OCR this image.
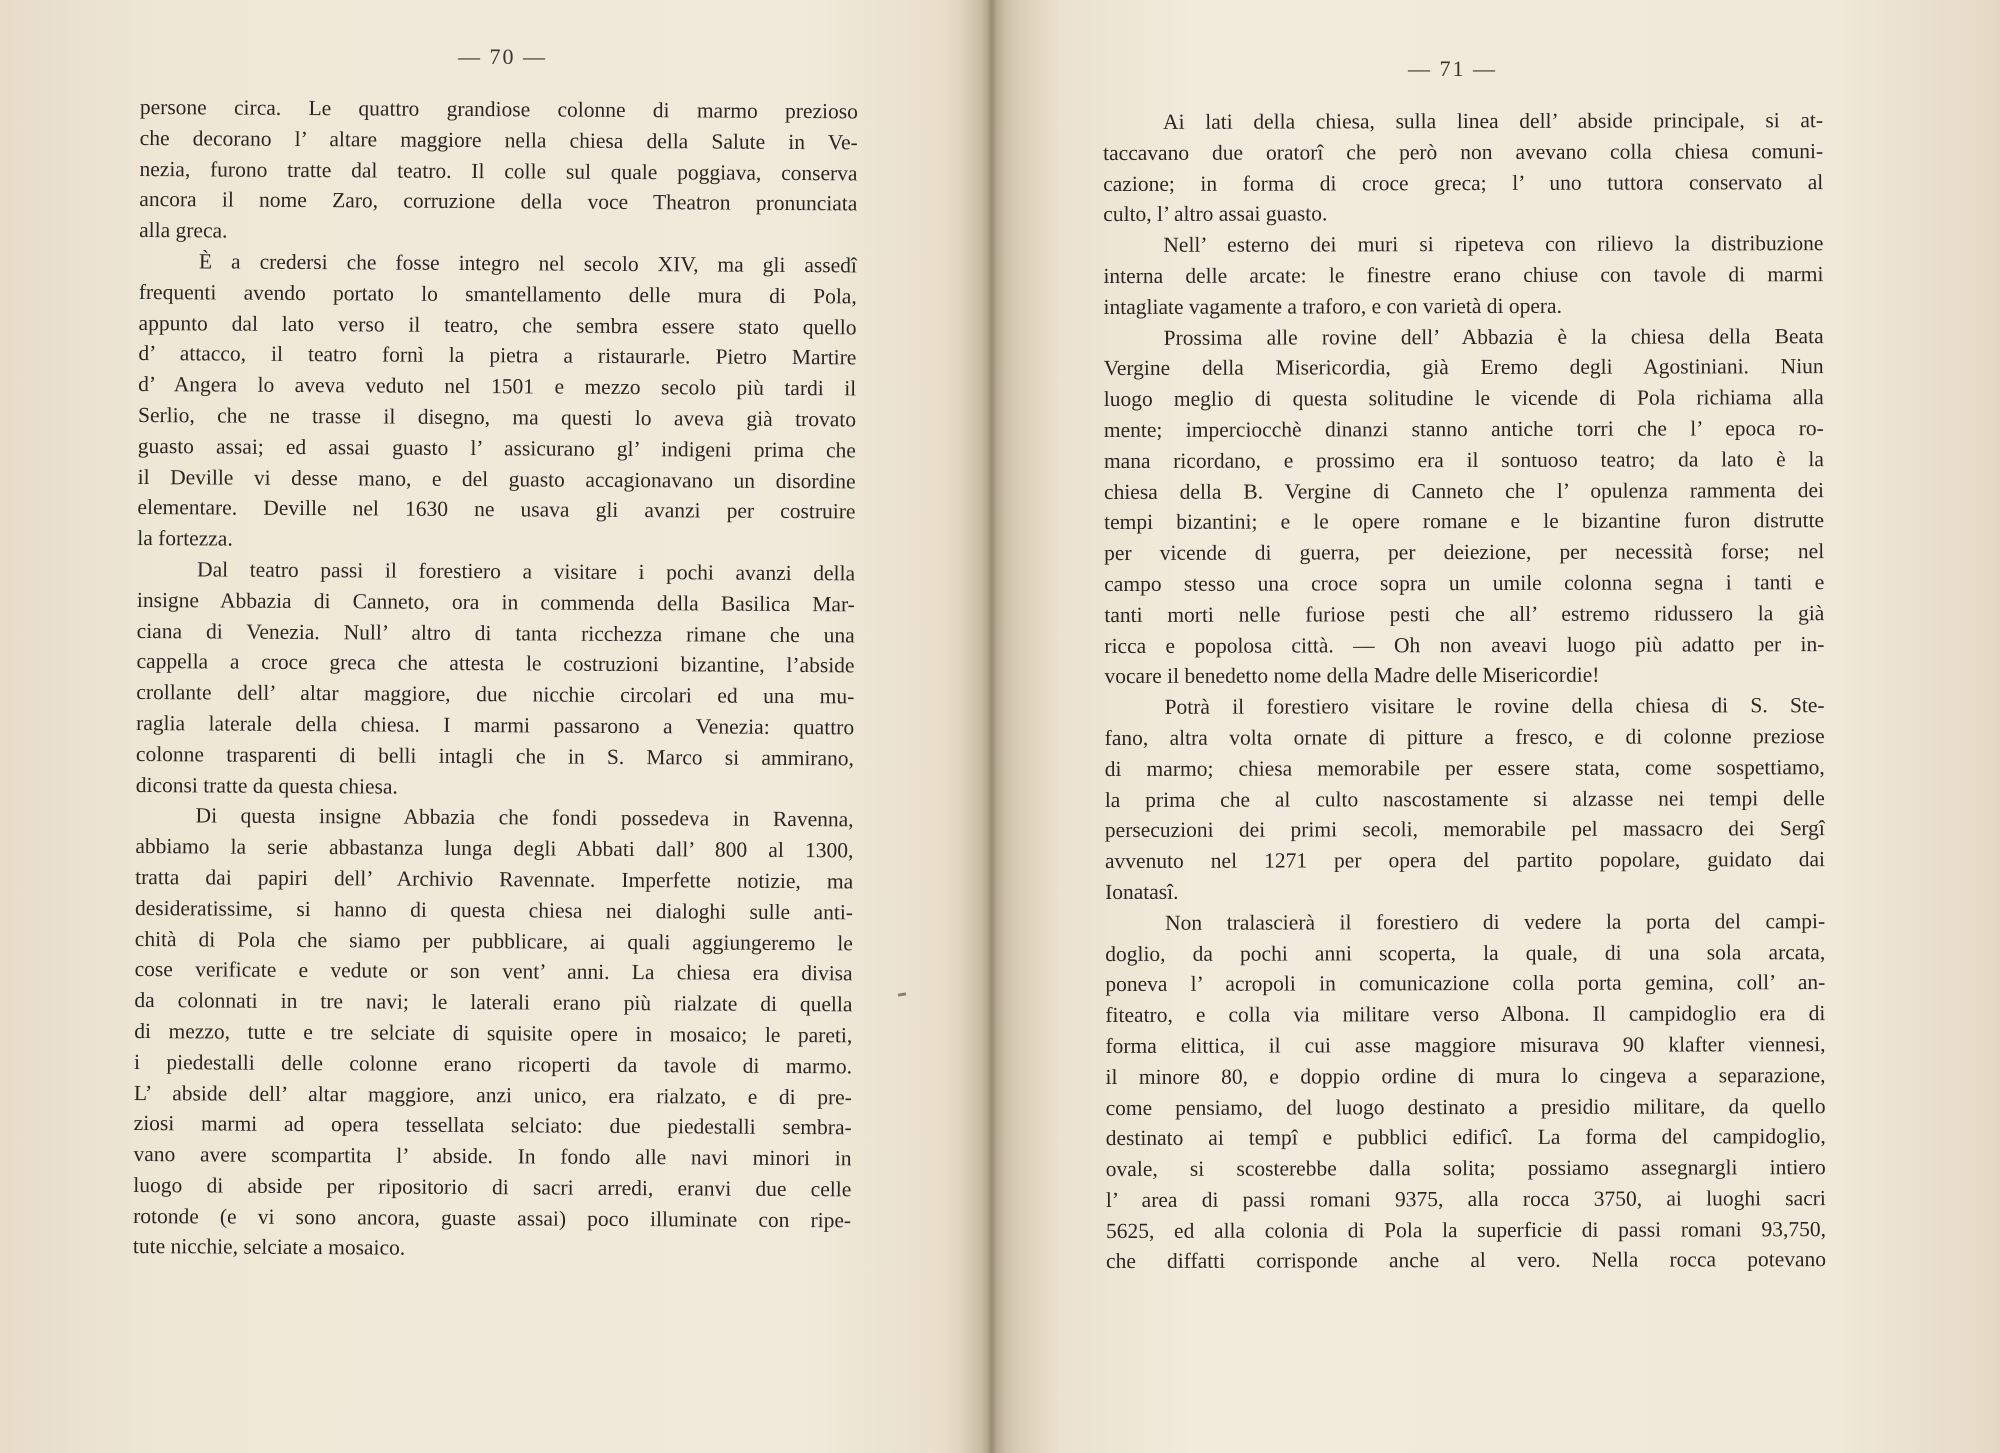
— 70 —
persone circa. Le quattro grandiose colonne di marmo prezioso
che decorano l’ altare maggiore nella chiesa della Salute in Ve-
nezia, furono tratte dal teatro. Il colle sul quale poggiava, conserva
ancora il nome Zaro, corruzione della voce Theatron pronunciata
alla greca.
È a credersi che fosse integro nel secolo XIV, ma gli assedî
frequenti avendo portato lo smantellamento delle mura di Pola,
appunto dal lato verso il teatro, che sembra essere stato quello
d’ attacco, il teatro fornì la pietra a ristaurarle. Pietro Martire
d’ Angera lo aveva veduto nel 1501 e mezzo secolo più tardi il
Serlio, che ne trasse il disegno, ma questi lo aveva già trovato
guasto assai; ed assai guasto l’ assicurano gl’ indigeni prima che
il Deville vi desse mano, e del guasto accagionavano un disordine
elementare. Deville nel 1630 ne usava gli avanzi per costruire
la fortezza.
Dal teatro passi il forestiero a visitare i pochi avanzi della
insigne Abbazia di Canneto, ora in commenda della Basilica Mar-
ciana di Venezia. Null’ altro di tanta ricchezza rimane che una
cappella a croce greca che attesta le costruzioni bizantine, l’abside
crollante dell’ altar maggiore, due nicchie circolari ed una mu-
raglia laterale della chiesa. I marmi passarono a Venezia: quattro
colonne trasparenti di belli intagli che in S. Marco si ammirano,
diconsi tratte da questa chiesa.
Di questa insigne Abbazia che fondi possedeva in Ravenna,
abbiamo la serie abbastanza lunga degli Abbati dall’ 800 al 1300,
tratta dai papiri dell’ Archivio Ravennate. Imperfette notizie, ma
desideratissime, si hanno di questa chiesa nei dialoghi sulle anti-
chità di Pola che siamo per pubblicare, ai quali aggiungeremo le
cose verificate e vedute or son vent’ anni. La chiesa era divisa
da colonnati in tre navi; le laterali erano più rialzate di quella
di mezzo, tutte e tre selciate di squisite opere in mosaico; le pareti,
i piedestalli delle colonne erano ricoperti da tavole di marmo.
L’ abside dell’ altar maggiore, anzi unico, era rialzato, e di pre-
ziosi marmi ad opera tessellata selciato: due piedestalli sembra-
vano avere scompartita l’ abside. In fondo alle navi minori in
luogo di abside per ripositorio di sacri arredi, eranvi due celle
rotonde (e vi sono ancora, guaste assai) poco illuminate con ripe-
tute nicchie, selciate a mosaico.
— 71 —
Ai lati della chiesa, sulla linea dell’ abside principale, si at-
taccavano due oratorî che però non avevano colla chiesa comuni-
cazione; in forma di croce greca; l’ uno tuttora conservato al
culto, l’ altro assai guasto.
Nell’ esterno dei muri si ripeteva con rilievo la distribuzione
interna delle arcate: le finestre erano chiuse con tavole di marmi
intagliate vagamente a traforo, e con varietà di opera.
Prossima alle rovine dell’ Abbazia è la chiesa della Beata
Vergine della Misericordia, già Eremo degli Agostiniani. Niun
luogo meglio di questa solitudine le vicende di Pola richiama alla
mente; imperciocchè dinanzi stanno antiche torri che l’ epoca ro-
mana ricordano, e prossimo era il sontuoso teatro; da lato è la
chiesa della B. Vergine di Canneto che l’ opulenza rammenta dei
tempi bizantini; e le opere romane e le bizantine furon distrutte
per vicende di guerra, per deiezione, per necessità forse; nel
campo stesso una croce sopra un umile colonna segna i tanti e
tanti morti nelle furiose pesti che all’ estremo ridussero la già
ricca e popolosa città. — Oh non aveavi luogo più adatto per in-
vocare il benedetto nome della Madre delle Misericordie!
Potrà il forestiero visitare le rovine della chiesa di S. Ste-
fano, altra volta ornate di pitture a fresco, e di colonne preziose
di marmo; chiesa memorabile per essere stata, come sospettiamo,
la prima che al culto nascostamente si alzasse nei tempi delle
persecuzioni dei primi secoli, memorabile pel massacro dei Sergî
avvenuto nel 1271 per opera del partito popolare, guidato dai
Ionatasî.
Non tralascierà il forestiero di vedere la porta del campi-
doglio, da pochi anni scoperta, la quale, di una sola arcata,
poneva l’ acropoli in comunicazione colla porta gemina, coll’ an-
fiteatro, e colla via militare verso Albona. Il campidoglio era di
forma elittica, il cui asse maggiore misurava 90 klafter viennesi,
il minore 80, e doppio ordine di mura lo cingeva a separazione,
come pensiamo, del luogo destinato a presidio militare, da quello
destinato ai tempî e pubblici edificî. La forma del campidoglio,
ovale, si scosterebbe dalla solita; possiamo assegnargli intiero
l’ area di passi romani 9375, alla rocca 3750, ai luoghi sacri
5625, ed alla colonia di Pola la superficie di passi romani 93,750,
che diffatti corrisponde anche al vero. Nella rocca potevano
